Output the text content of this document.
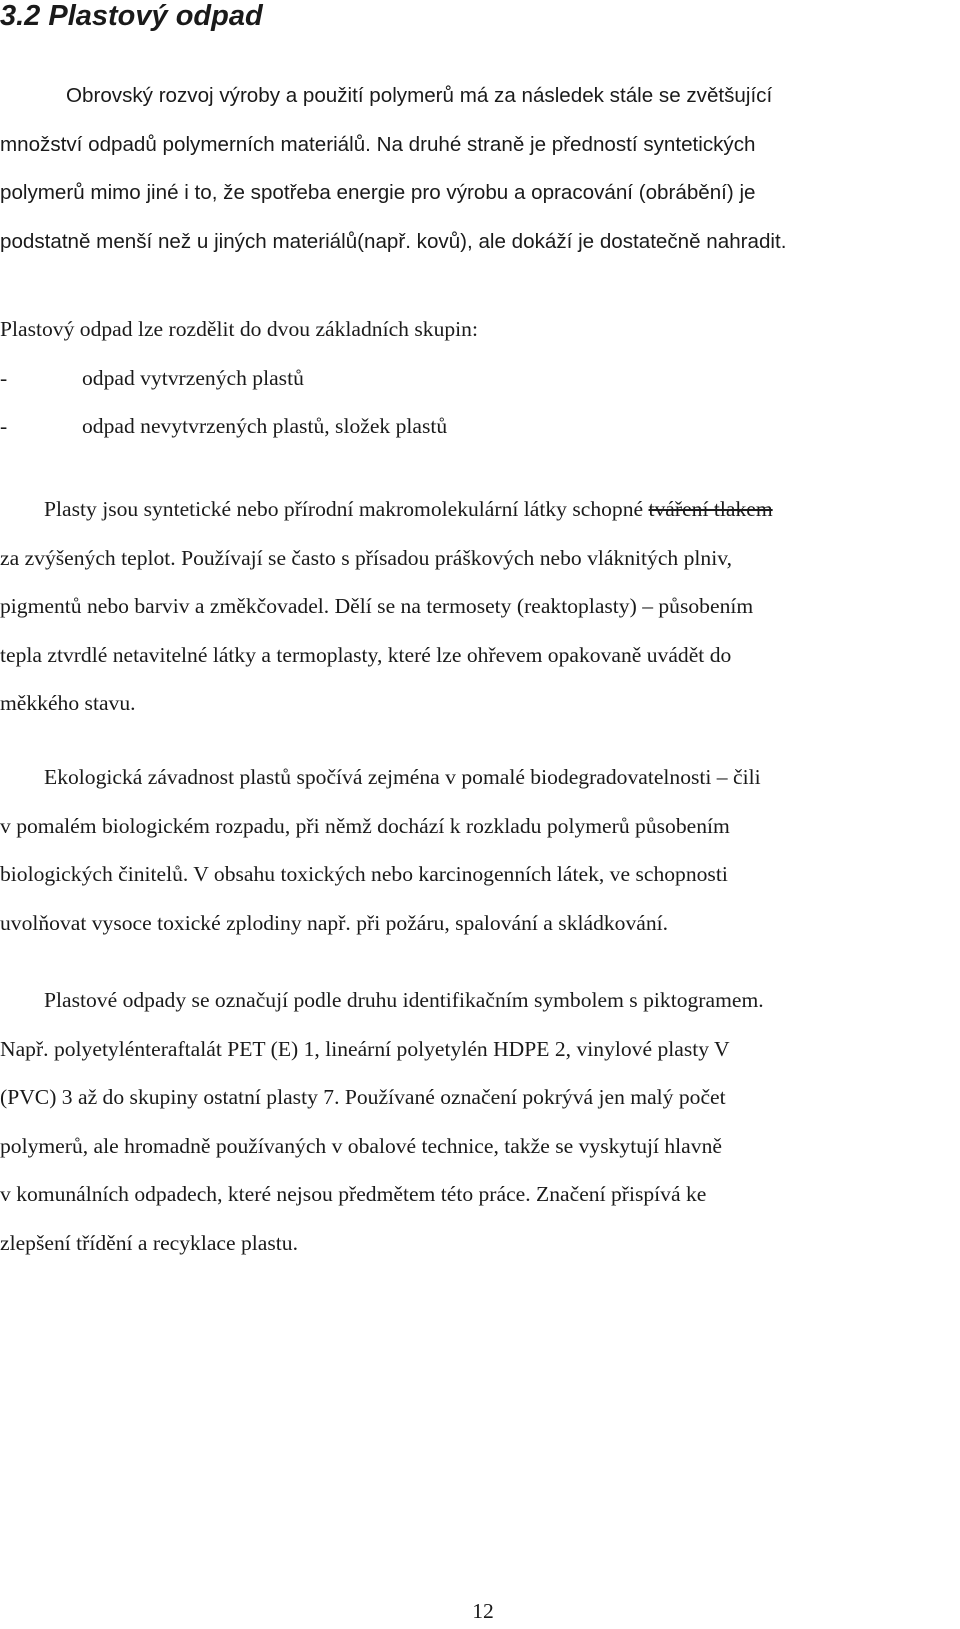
3.2 Plastový odpad
Obrovský rozvoj výroby a použití polymerů má za následek stále se zvětšující
množství odpadů polymerních materiálů. Na druhé straně je předností syntetických
polymerů mimo jiné i to, že spotřeba energie pro výrobu a opracování (obrábění) je
podstatně menší než u jiných materiálů(např. kovů), ale dokáží je dostatečně nahradit.
Plastový odpad lze rozdělit do dvou základních skupin:
-	odpad vytvrzených plastů
-	odpad nevytvrzených plastů, složek plastů
Plasty jsou syntetické nebo přírodní makromolekulární látky schopné tváření tlakem
za zvýšených teplot. Používají se často s přísadou práškových nebo vláknitých plniv,
pigmentů nebo barviv a změkčovadel. Dělí se na termosety (reaktoplasty) – působením
tepla ztvrdlé netavitelné látky a termoplasty, které lze ohřevem opakovaně uvádět do
měkkého stavu.
Ekologická závadnost plastů spočívá zejména v pomalé biodegradovatelnosti – čili
v pomalém biologickém rozpadu, při němž dochází k rozkladu polymerů působením
biologických činitelů. V obsahu toxických nebo karcinogenních látek, ve schopnosti
uvolňovat vysoce toxické zplodiny např. při požáru, spalování a skládkování.
Plastové odpady se označují podle druhu identifikačním symbolem s piktogramem.
Např. polyetylénteraftalát PET (E) 1, lineární polyetylén HDPE 2, vinylové plasty V
(PVC) 3 až do skupiny ostatní plasty 7. Používané označení pokrývá jen malý počet
polymerů, ale hromadně používaných v obalové technice, takže se vyskytují hlavně
v komunálních odpadech, které nejsou předmětem této práce. Značení přispívá ke
zlepšení třídění a recyklace plastu.

12
